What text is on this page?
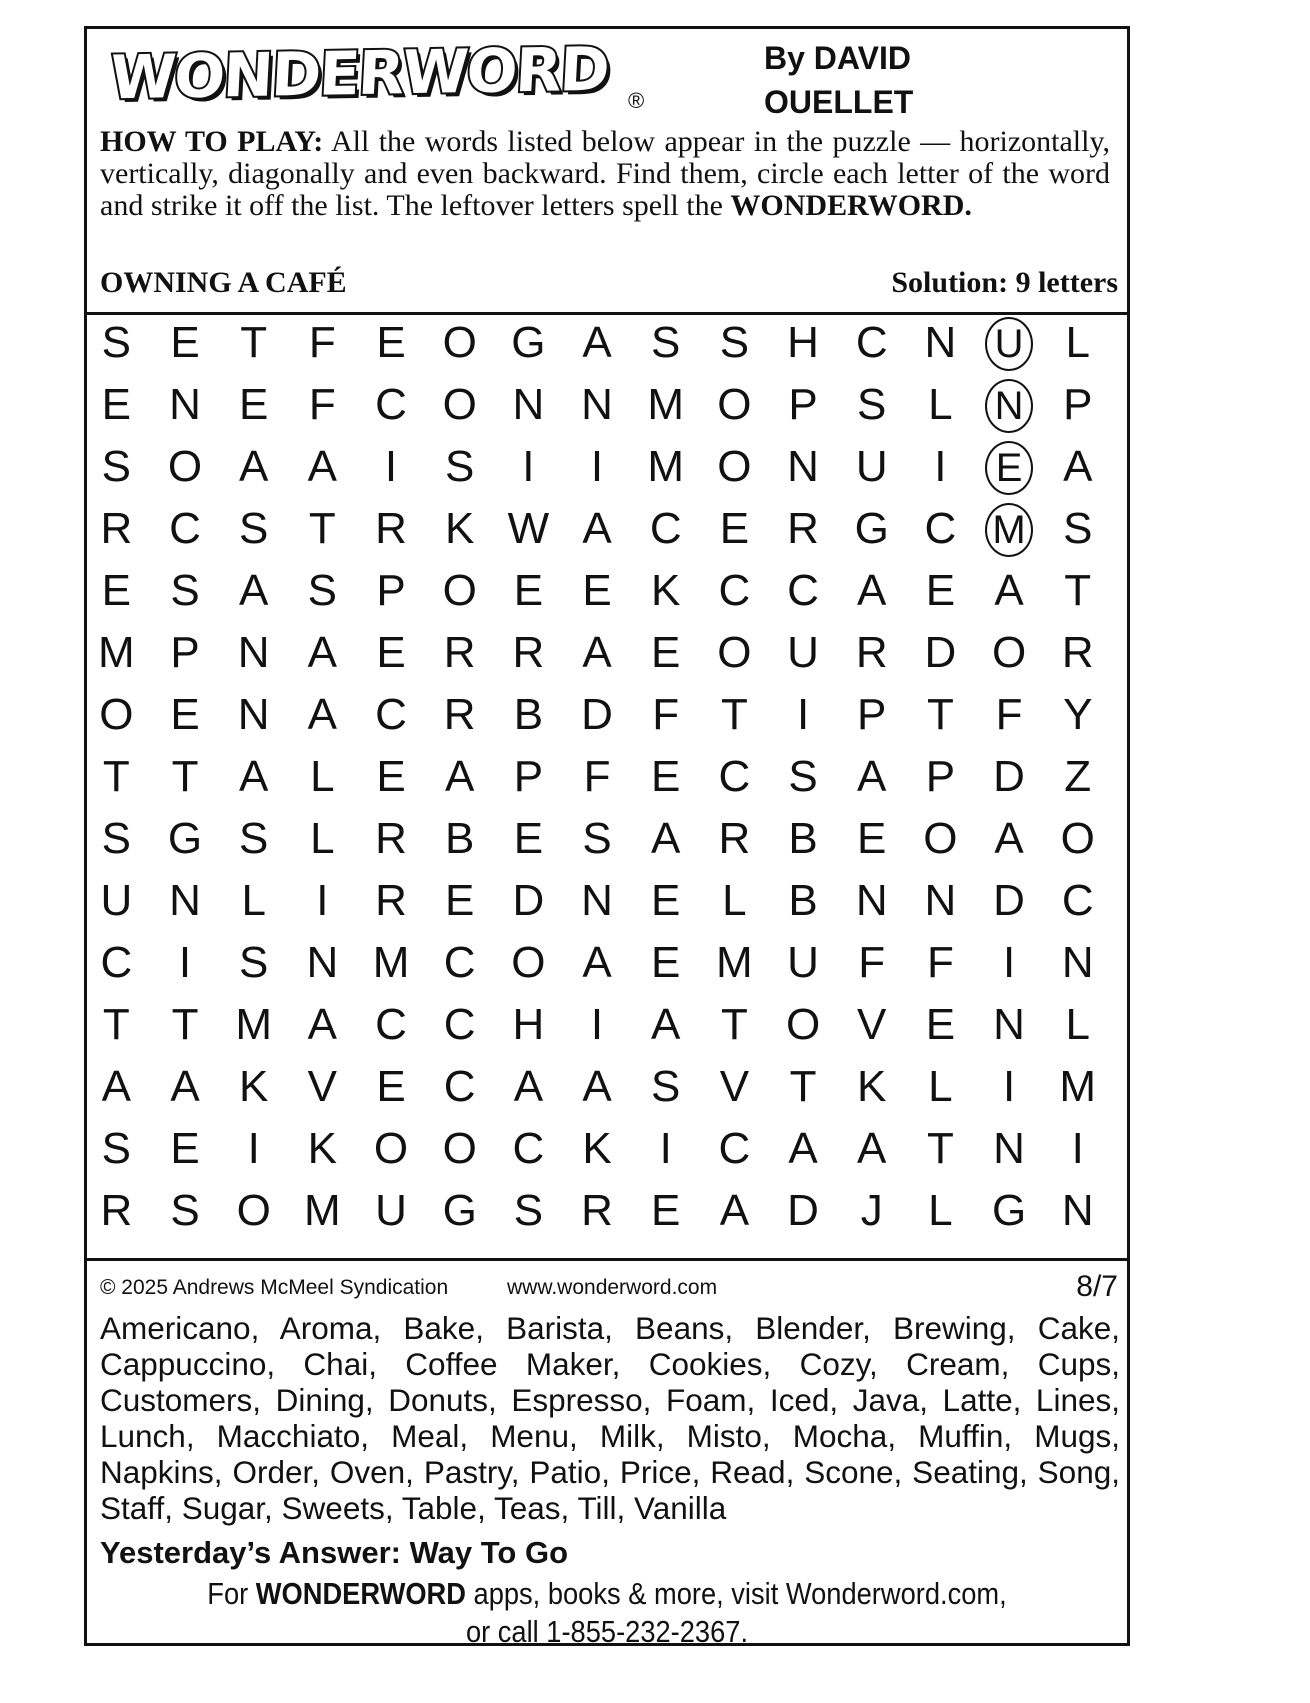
WONDERWORD ®
By DAVID
OUELLET
HOW TO PLAY: All the words listed below appear in the puzzle — horizontally, vertically, diagonally and even backward. Find them, circle each letter of the word and strike it off the list. The leftover letters spell the WONDERWORD.
OWNING A CAFÉ	Solution: 9 letters
S E T F E O G A S S H C N U L
E N E F C O N N M O P S L	N P
S O A A	I	S	I	I	M O N U	I	E A
R C S T R K W A C E R G C M S
E S A S P O E E K C C A E A T
M P N A E R R A E O U R D O R
O E N A C R B D F T	I	P T F Y
T T A L E A P F E C S A P D Z
S G S L R B E S A R B E O A O
U N L	I	R E D N E L B N N D C
C	I	S N M C O A E M U F F	I	N
T T M A C C H	I	A T O V E N L
A A K V E C A A S V T K L	I	M
S E	I	K O O C K	I	C A A T N	I
R S O M U G S R E A D J	L G N
© 2025 Andrews McMeel Syndication	www.wonderword.com	8/7
Americano, Aroma, Bake, Barista, Beans, Blender, Brewing, Cake, Cappuccino, Chai, Coffee Maker, Cookies, Cozy, Cream, Cups, Customers, Dining, Donuts, Espresso, Foam, Iced, Java, Latte, Lines, Lunch, Macchiato, Meal, Menu, Milk, Misto, Mocha, Muffin, Mugs, Napkins, Order, Oven, Pastry, Patio, Price, Read, Scone, Seating, Song, Staff, Sugar, Sweets, Table, Teas, Till, Vanilla
Yesterday’s Answer: Way To Go
For WONDERWORD apps, books & more, visit Wonderword.com,
or call 1-855-232-2367.
